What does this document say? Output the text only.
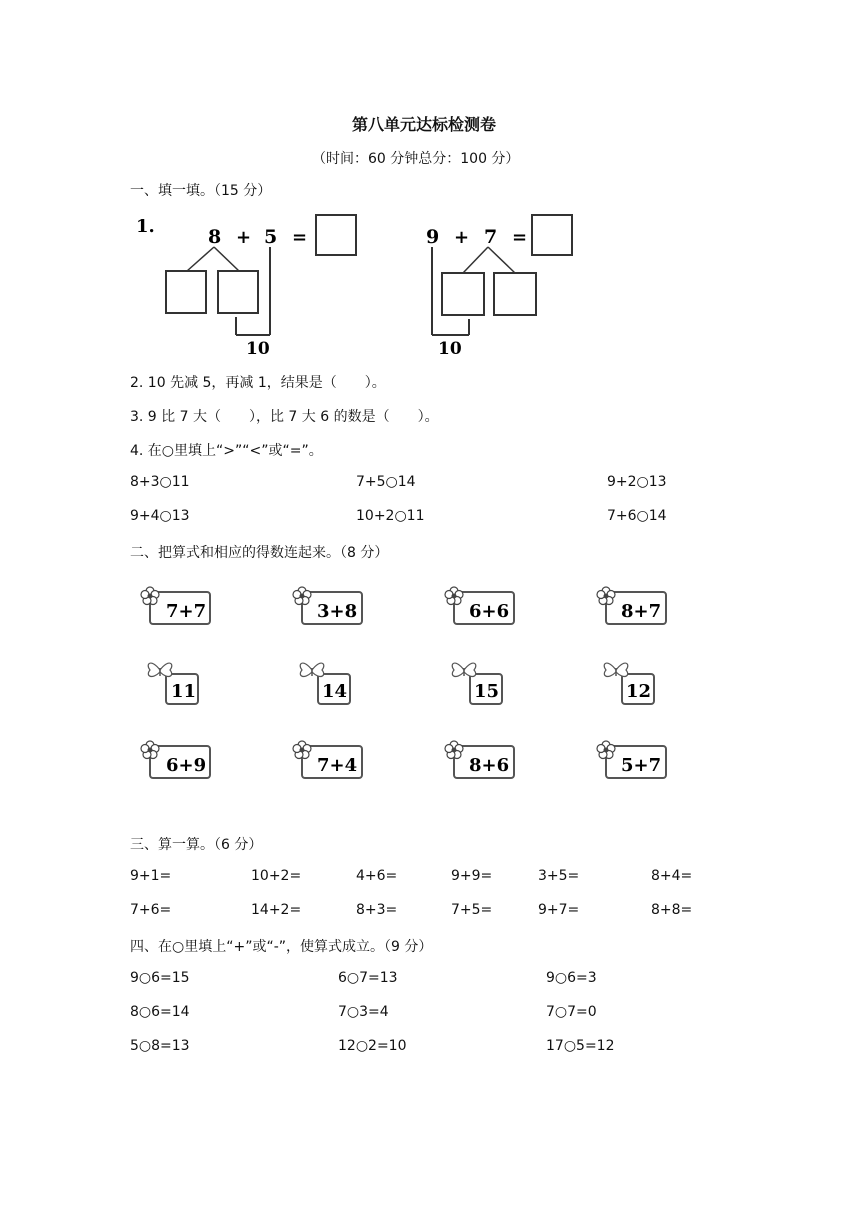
第八单元达标检测卷
（时间：60 分钟总分：100 分）
一、填一填。（15 分）
1.	8 + 5 =
10
9 + 7 =
10
2. 10 先减 5，再减 1，结果是（　　）。
3. 9 比 7 大（　　），比 7 大 6 的数是（　　）。
4. 在○里填上“>”“<”或“=”。
8+3○11	7+5○14	9+2○13
9+4○13	10+2○11	7+6○14
二、把算式和相应的得数连起来。（8 分）
7+7	3+8	6+6	8+7
11	14	15	12
6+9	7+4	8+6	5+7
三、算一算。（6 分）
9+1=	10+2=	4+6=	9+9=	3+5=	8+4=
7+6=	14+2=	8+3=	7+5=	9+7=	8+8=
四、在○里填上“+”或“-”，使算式成立。（9 分）
9○6=15	6○7=13	9○6=3
8○6=14	7○3=4	7○7=0
5○8=13	12○2=10	17○5=12
